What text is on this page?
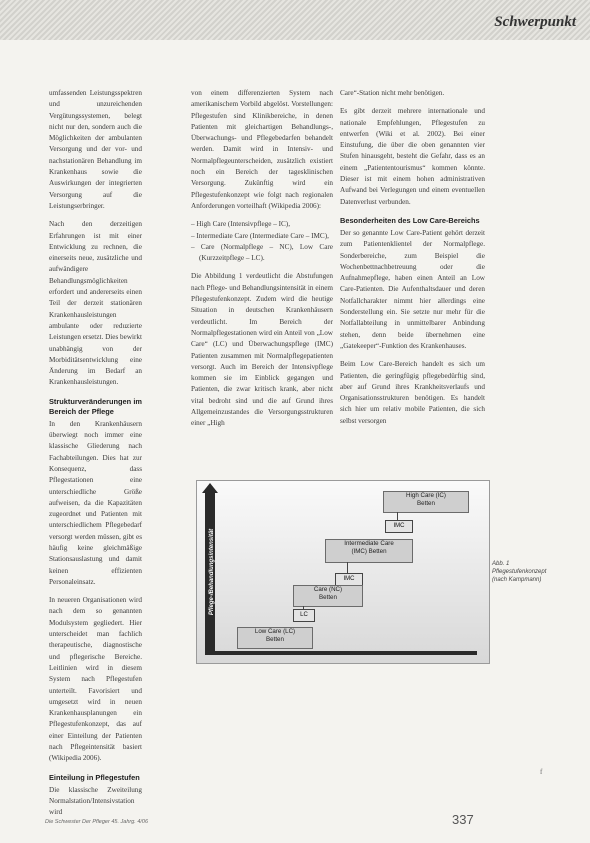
Schwerpunkt

umfassenden Leistungsspektren und unzureichenden Vergütungssystemen, belegt nicht nur den, sondern auch die Möglichkeiten der ambulanten Versorgung und der vor- und nachstationären Behandlung im Krankenhaus sowie die Auswirkungen der integrierten Versorgung auf die Leistungserbringer.

Nach den derzeitigen Erfahrungen ist mit einer Entwicklung zu rechnen, die einerseits neue, zusätzliche und aufwändigere Behandlungsmöglichkeiten erfordert und andererseits einen Teil der derzeit stationären Krankenhausleistungen ambulante oder reduzierte Leistungen ersetzt. Dies bewirkt unabhängig von der Morbiditätsentwicklung eine Änderung im Bedarf an Krankenhausleistungen.

Strukturveränderungen im Bereich der Pflege

In den Krankenhäusern überwiegt noch immer eine klassische Gliederung nach Fachabteilungen. Dies hat zur Konsequenz, dass Pflegestationen eine unterschiedliche Größe aufweisen, da die Kapazitäten zugeordnet und Patienten mit unterschiedlichem Pflegebedarf versorgt werden müssen, gibt es häufig keine gleichmäßige Stationsauslastung und damit keinen effizienten Personaleinsatz.

In neueren Organisationen wird nach dem so genannten Modulsystem gegliedert. Hier unterscheidet man fachlich therapeutische, diagnostische und pflegerische Bereiche. Leitlinien wird in diesem System nach Pflegestufen unterteilt. Favorisiert und umgesetzt wird in neuen Krankenhausplanungen ein Pflegestufenkonzept, das auf einer Einteilung der Patienten nach Pflegeintensität basiert (Wikipedia 2006).

Einteilung in Pflegestufen

Die klassische Zweiteilung Normalstation/Intensivstation wird

von einem differenzierten System nach amerikanischem Vorbild abgelöst. Vorstellungen: Pflegestufen sind Klinikbereiche, in denen Patienten mit gleichartigen Behandlungs-, Überwachungs- und Pflegebedarfen behandelt werden. Damit wird in Intensiv- und Normalpflegeunterscheiden, zusätzlich existiert noch ein Bereich der tagesklinischen Versorgung. Zukünftig wird ein Pflegestufenkonzept wie folgt nach regionalen Anforderungen vorteilhaft (Wikipedia 2006):

– High Care (Intensivpflege – IC),
– Intermediate Care (Intermediate Care – IMC),
– Care (Normalpflege – NC), Low Care (Kurzzeitpflege – LC).

Die Abbildung 1 verdeutlicht die Abstufungen nach Pflege- und Behandlungsintensität in einem Pflegestufenkonzept. Zudem wird die heutige Situation in deutschen Krankenhäusern verdeutlicht. Im Bereich der Normalpflegestationen wird ein Anteil von „Low Care“ (LC) und Überwachungspflege (IMC) Patienten zusammen mit Normalpflegepatienten versorgt. Auch im Bereich der Intensivpflege kommen sie im Einblick gegangen und Patienten, die zwar kritisch krank, aber nicht vital bedroht sind und die auf Grund ihres Allgemeinzustandes die Versorgungsstrukturen einer „High

Care“-Station nicht mehr benötigen.

Es gibt derzeit mehrere internationale und nationale Empfehlungen, Pflegestufen zu entwerfen (Wiki et al. 2002). Bei einer Einstufung, die über die oben genannten vier Stufen hinausgeht, besteht die Gefahr, dass es an einem „Patiententourismus“ kommen könnte. Dieser ist mit einem hohen administrativen Aufwand bei Verlegungen und einem eventuellen Datenverlust verbunden.

Besonderheiten des Low Care-Bereichs

Der so genannte Low Care-Patient gehört derzeit zum Patientenklientel der Normalpflege. Sonderbereiche, zum Beispiel die Wochenbettnachbetreuung oder die Aufnahmepflege, haben einen Anteil an Low Care-Patienten. Die Aufenthaltsdauer und deren Notfallcharakter nimmt hier allerdings eine Sonderstellung ein. Sie setzte nur mehr für die Notfallabteilung in unmittelbarer Anbindung stehen, denn beide übernehmen eine „Gatekeeper“-Funktion des Krankenhauses.

Beim Low Care-Bereich handelt es sich um Patienten, die geringfügig pflegebedürftig sind, aber auf Grund ihres Krankheitsverlaufs und Organisationsstrukturen benötigen. Es handelt sich hier um relativ mobile Patienten, die sich selbst versorgen

Pflege-/Behandlungsintensität
High Care (IC)
Betten
IMC
Intermediate Care
(IMC) Betten
IMC
Care (NC)
Betten
LC
Low Care (LC)
Betten
Abb. 1
Pflegestufenkonzept
(nach Kampmann)
f
Die Schwester Der Pfleger 45. Jahrg. 4/06	337
